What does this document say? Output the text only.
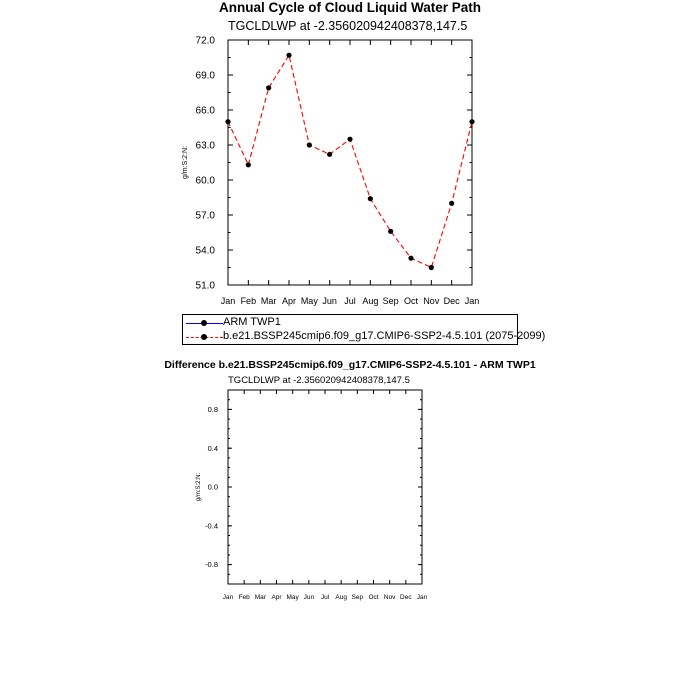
Annual Cycle of Cloud Liquid Water Path
TGCLDLWP at -2.356020942408378,147.5
Jan Feb Mar Apr May Jun Jul Aug Sep Oct Nov Dec Jan
72.0
69.0
66.0
63.0
60.0
57.0
54.0
51.0
g/m:S:2:N:
Jan Feb Mar Apr May Jun Jul Aug Sep Oct Nov Dec Jan
0.8
0.4
0.0
-0.4
-0.8
g/m:S:2:N:
ARM TWP1
b.e21.BSSP245cmip6.f09_g17.CMIP6-SSP2-4.5.101 (2075-2099)
Difference b.e21.BSSP245cmip6.f09_g17.CMIP6-SSP2-4.5.101 - ARM TWP1
TGCLDLWP at -2.356020942408378,147.5
